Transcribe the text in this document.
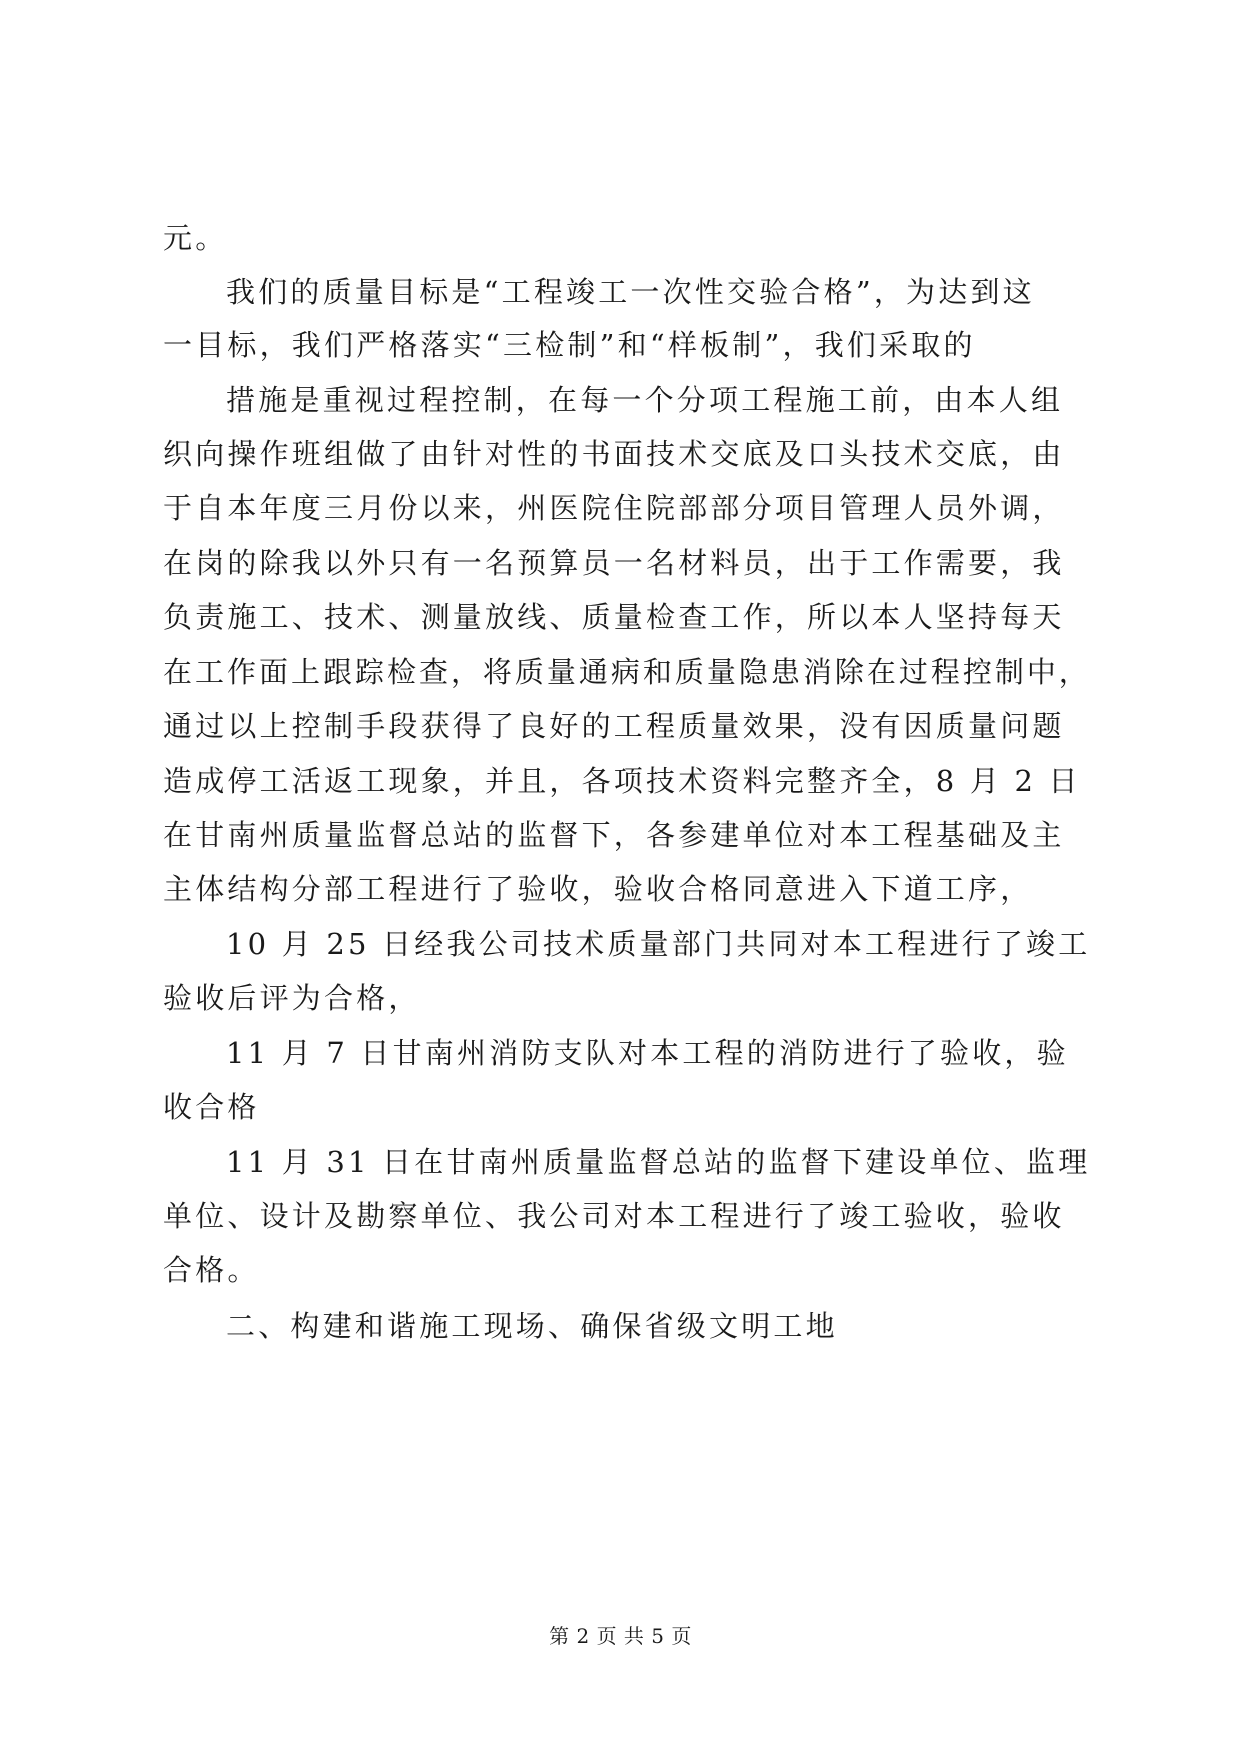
元。
我们的质量目标是“工程竣工一次性交验合格”，为达到这
一目标，我们严格落实“三检制”和“样板制”，我们采取的
措施是重视过程控制，在每一个分项工程施工前，由本人组
织向操作班组做了由针对性的书面技术交底及口头技术交底，由
于自本年度三月份以来，州医院住院部部分项目管理人员外调，
在岗的除我以外只有一名预算员一名材料员，出于工作需要，我
负责施工、技术、测量放线、质量检查工作，所以本人坚持每天
在工作面上跟踪检查，将质量通病和质量隐患消除在过程控制中，
通过以上控制手段获得了良好的工程质量效果，没有因质量问题
造成停工活返工现象，并且，各项技术资料完整齐全，8 月 2 日
在甘南州质量监督总站的监督下，各参建单位对本工程基础及主
主体结构分部工程进行了验收，验收合格同意进入下道工序，
10 月 25 日经我公司技术质量部门共同对本工程进行了竣工
验收后评为合格，
11 月 7 日甘南州消防支队对本工程的消防进行了验收，验
收合格
11 月 31 日在甘南州质量监督总站的监督下建设单位、监理
单位、设计及勘察单位、我公司对本工程进行了竣工验收，验收
合格。
二、构建和谐施工现场、确保省级文明工地
第 2 页 共 5 页
